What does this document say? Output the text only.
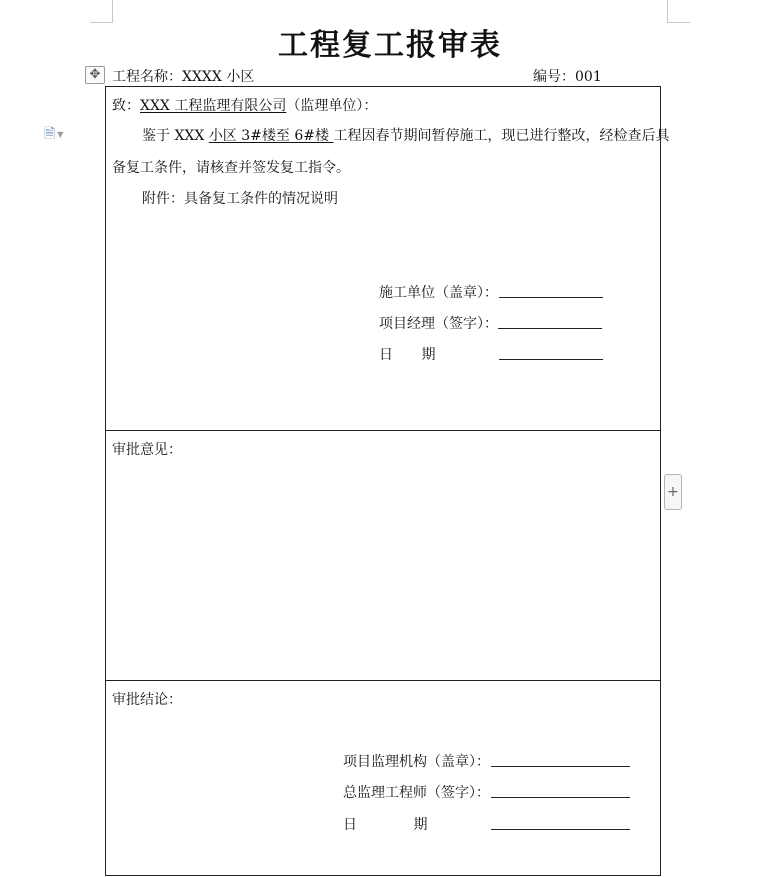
工程复工报审表
✥
🗎 ▼
工程名称：XXXX 小区	编号：001
致：XXX 工程监理有限公司（监理单位）：
鉴于 XXX 小区 3#楼至 6#楼 工程因春节期间暂停施工，现已进行整改，经检查后具
备复工条件，请核查并签发复工指令。
附件：具备复工条件的情况说明
施工单位（盖章）：
项目经理（签字）：
日 期
审批意见：
审批结论：
项目监理机构（盖章）：
总监理工程师（签字）：
日 期
+
